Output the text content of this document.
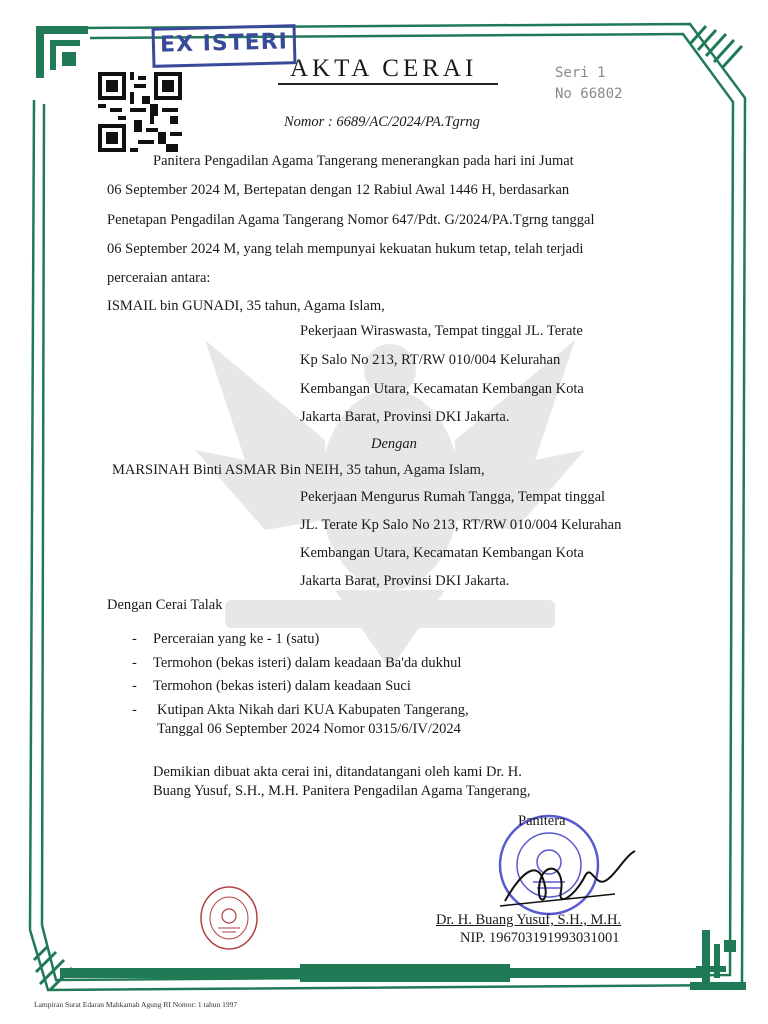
EX ISTERI
AKTA CERAI	Seri 1
No 66802
Nomor : 6689/AC/2024/PA.Tgrng
Panitera Pengadilan Agama Tangerang menerangkan pada hari ini Jumat
06 September 2024 M, Bertepatan dengan 12 Rabiul Awal 1446 H, berdasarkan
Penetapan Pengadilan Agama Tangerang Nomor 647/Pdt. G/2024/PA.Tgrng tanggal
06 September 2024 M, yang telah mempunyai kekuatan hukum tetap, telah terjadi
perceraian antara:
ISMAIL bin GUNADI, 35 tahun, Agama Islam,
Pekerjaan Wiraswasta, Tempat tinggal JL. Terate
Kp Salo No 213, RT/RW 010/004 Kelurahan
Kembangan Utara, Kecamatan Kembangan Kota
Jakarta Barat, Provinsi DKI Jakarta.
Dengan
MARSINAH Binti ASMAR Bin NEIH, 35 tahun, Agama Islam,
Pekerjaan Mengurus Rumah Tangga, Tempat tinggal
JL. Terate Kp Salo No 213, RT/RW 010/004 Kelurahan
Kembangan Utara, Kecamatan Kembangan Kota
Jakarta Barat, Provinsi DKI Jakarta.
Dengan Cerai Talak
- Perceraian yang ke - 1 (satu)
- Termohon (bekas isteri) dalam keadaan Ba'da dukhul
- Termohon (bekas isteri) dalam keadaan Suci
- Kutipan Akta Nikah dari KUA Kabupaten Tangerang,
Tanggal 06 September 2024 Nomor 0315/6/IV/2024
Demikian dibuat akta cerai ini, ditandatangani oleh kami Dr. H.
Buang Yusuf, S.H., M.H. Panitera Pengadilan Agama Tangerang,
Panitera
Dr. H. Buang Yusuf, S.H., M.H.
NIP. 196703191993031001
Lampiran Surat Edaran Mahkamah Agung RI Nomor: 1 tahun 1997
